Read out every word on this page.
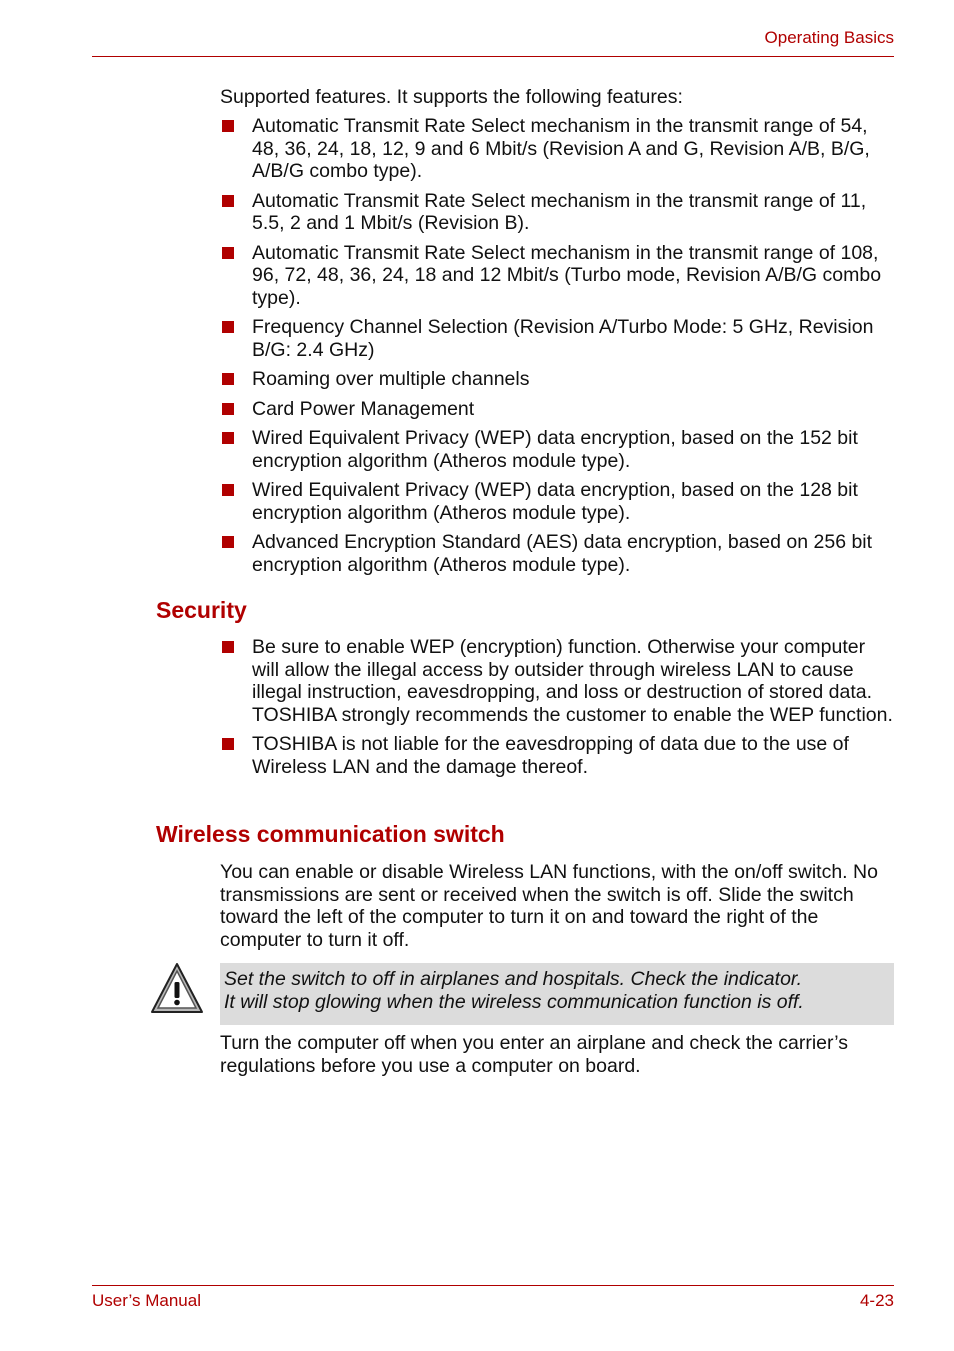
Operating Basics

Supported features. It supports the following features:

Automatic Transmit Rate Select mechanism in the transmit range of 54, 48, 36, 24, 18, 12, 9 and 6 Mbit/s (Revision A and G, Revision A/B, B/G, A/B/G combo type).
Automatic Transmit Rate Select mechanism in the transmit range of 11, 5.5, 2 and 1 Mbit/s (Revision B).
Automatic Transmit Rate Select mechanism in the transmit range of 108, 96, 72, 48, 36, 24, 18 and 12 Mbit/s (Turbo mode, Revision A/B/G combo type).
Frequency Channel Selection (Revision A/Turbo Mode: 5 GHz, Revision B/G: 2.4 GHz)
Roaming over multiple channels
Card Power Management
Wired Equivalent Privacy (WEP) data encryption, based on the 152 bit encryption algorithm (Atheros module type).
Wired Equivalent Privacy (WEP) data encryption, based on the 128 bit encryption algorithm (Atheros module type).
Advanced Encryption Standard (AES) data encryption, based on 256 bit encryption algorithm (Atheros module type).
Security
Be sure to enable WEP (encryption) function. Otherwise your computer will allow the illegal access by outsider through wireless LAN to cause illegal instruction, eavesdropping, and loss or destruction of stored data. TOSHIBA strongly recommends the customer to enable the WEP function.
TOSHIBA is not liable for the eavesdropping of data due to the use of Wireless LAN and the damage thereof.
Wireless communication switch

You can enable or disable Wireless LAN functions, with the on/off switch. No transmissions are sent or received when the switch is off. Slide the switch toward the left of the computer to turn it on and toward the right of the computer to turn it off.

Set the switch to off in airplanes and hospitals. Check the indicator.
It will stop glowing when the wireless communication function is off.

Turn the computer off when you enter an airplane and check the carrier’s regulations before you use a computer on board.

User’s Manual	4-23
